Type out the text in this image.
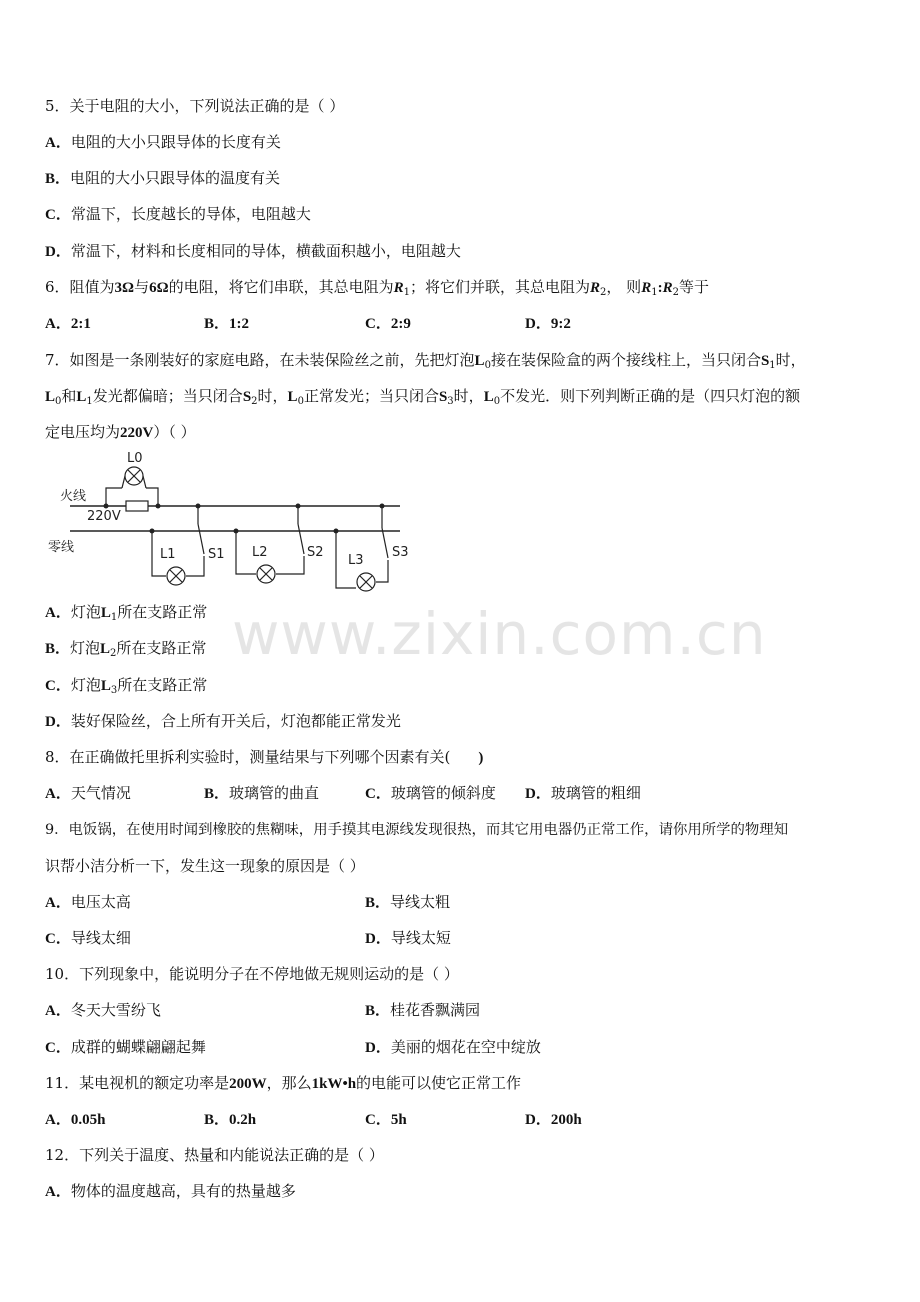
5．关于电阻的大小，下列说法正确的是（ ）
A．电阻的大小只跟导体的长度有关
B．电阻的大小只跟导体的温度有关
C．常温下，长度越长的导体，电阻越大
D．常温下，材料和长度相同的导体，横截面积越小，电阻越大
6．阻值为3Ω与6Ω的电阻，将它们串联，其总电阻为$R_1$；将它们并联，其总电阻为$R_2$， 则$R_1:R_2$等于
A．2:1	B．1:2	C．2:9	D．9:2
7．如图是一条刚装好的家庭电路，在未装保险丝之前，先把灯泡$L_0$接在装保险盒的两个接线柱上，当只闭合$S_1$时，
$L_0$和$L_1$发光都偏暗；当只闭合$S_2$时，$L_0$正常发光；当只闭合$S_3$时，$L_0$不发光．则下列判断正确的是（四只灯泡的额
定电压均为220V）（ ）
火线
零线
220V
L0
L1 S1 L2	S2
L3
S3
A．灯泡$L_1$所在支路正常
B．灯泡$L_2$所在支路正常
C．灯泡$L_3$所在支路正常
D．装好保险丝，合上所有开关后，灯泡都能正常发光
8．在正确做托里拆利实验时，测量结果与下列哪个因素有关( )
A．天气情况	B．玻璃管的曲直	C．玻璃管的倾斜度 D．玻璃管的粗细
9．电饭锅，在使用时闻到橡胶的焦糊味，用手摸其电源线发现很热，而其它用电器仍正常工作，请你用所学的物理知
识帮小洁分析一下，发生这一现象的原因是（ ）
A．电压太高	B．导线太粗
C．导线太细	D．导线太短
10．下列现象中，能说明分子在不停地做无规则运动的是（ ）
A．冬天大雪纷飞	B．桂花香飘满园
C．成群的蝴蝶翩翩起舞	D．美丽的烟花在空中绽放
11．某电视机的额定功率是200W，那么1kW•h的电能可以使它正常工作
A．0.05h	B．0.2h	C．5h	D．200h
12．下列关于温度、热量和内能说法正确的是（ ）
A．物体的温度越高，具有的热量越多
www.zixin.com.cn
